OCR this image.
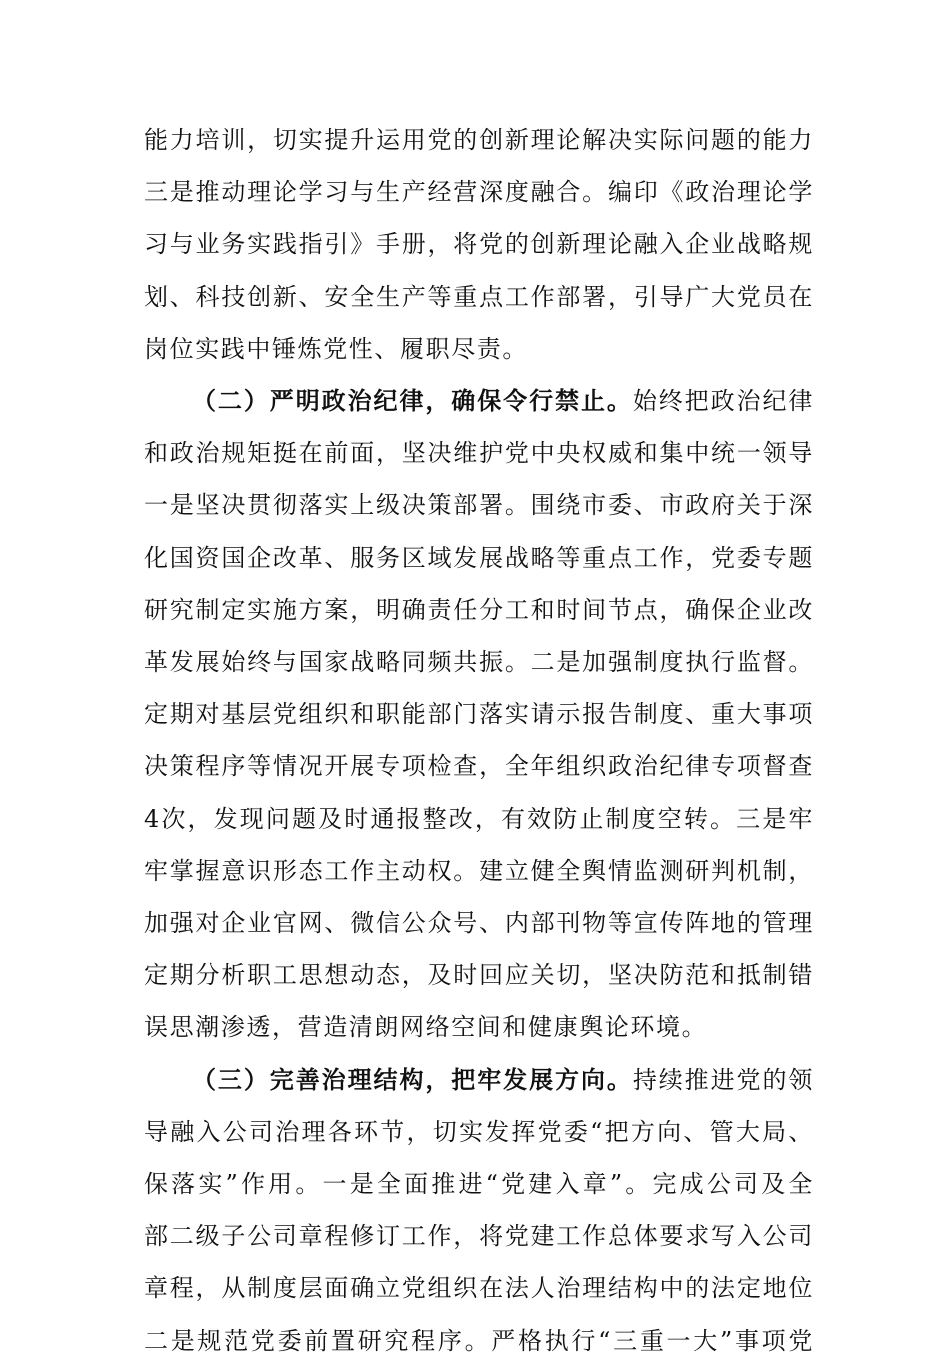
能力培训，切实提升运用党的创新理论解决实际问题的能力
三是推动理论学习与生产经营深度融合。编印《政治理论学
习与业务实践指引》手册，将党的创新理论融入企业战略规
划、科技创新、安全生产等重点工作部署，引导广大党员在
岗位实践中锤炼党性、履职尽责。
（二）严明政治纪律，确保令行禁止。始终把政治纪律
和政治规矩挺在前面，坚决维护党中央权威和集中统一领导
一是坚决贯彻落实上级决策部署。围绕市委、市政府关于深
化国资国企改革、服务区域发展战略等重点工作，党委专题
研究制定实施方案，明确责任分工和时间节点，确保企业改
革发展始终与国家战略同频共振。二是加强制度执行监督。
定期对基层党组织和职能部门落实请示报告制度、重大事项
决策程序等情况开展专项检查，全年组织政治纪律专项督查
4次，发现问题及时通报整改，有效防止制度空转。三是牢
牢掌握意识形态工作主动权。建立健全舆情监测研判机制，
加强对企业官网、微信公众号、内部刊物等宣传阵地的管理
定期分析职工思想动态，及时回应关切，坚决防范和抵制错
误思潮渗透，营造清朗网络空间和健康舆论环境。
（三）完善治理结构，把牢发展方向。持续推进党的领
导融入公司治理各环节，切实发挥党委“把方向、管大局、
保落实”作用。一是全面推进“党建入章”。完成公司及全
部二级子公司章程修订工作，将党建工作总体要求写入公司
章程，从制度层面确立党组织在法人治理结构中的法定地位
二是规范党委前置研究程序。严格执行“三重一大”事项党
